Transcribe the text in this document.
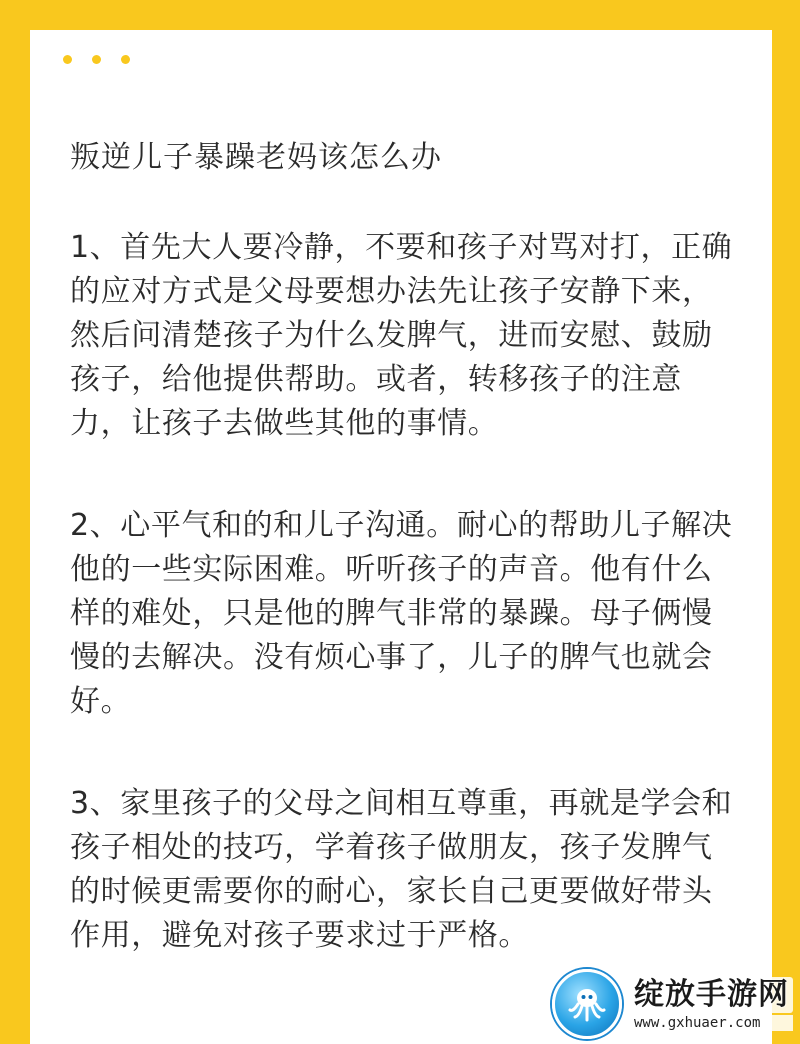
叛逆儿子暴躁老妈该怎么办

1、首先大人要冷静，不要和孩子对骂对打，正确的应对方式是父母要想办法先让孩子安静下来，然后问清楚孩子为什么发脾气，进而安慰、鼓励孩子，给他提供帮助。或者，转移孩子的注意力，让孩子去做些其他的事情。

2、心平气和的和儿子沟通。耐心的帮助儿子解决他的一些实际困难。听听孩子的声音。他有什么样的难处，只是他的脾气非常的暴躁。母子俩慢慢的去解决。没有烦心事了，儿子的脾气也就会好。

3、家里孩子的父母之间相互尊重，再就是学会和孩子相处的技巧，学着孩子做朋友，孩子发脾气的时候更需要你的耐心，家长自己更要做好带头作用，避免对孩子要求过于严格。

绽放手游网
www.gxhuaer.com
